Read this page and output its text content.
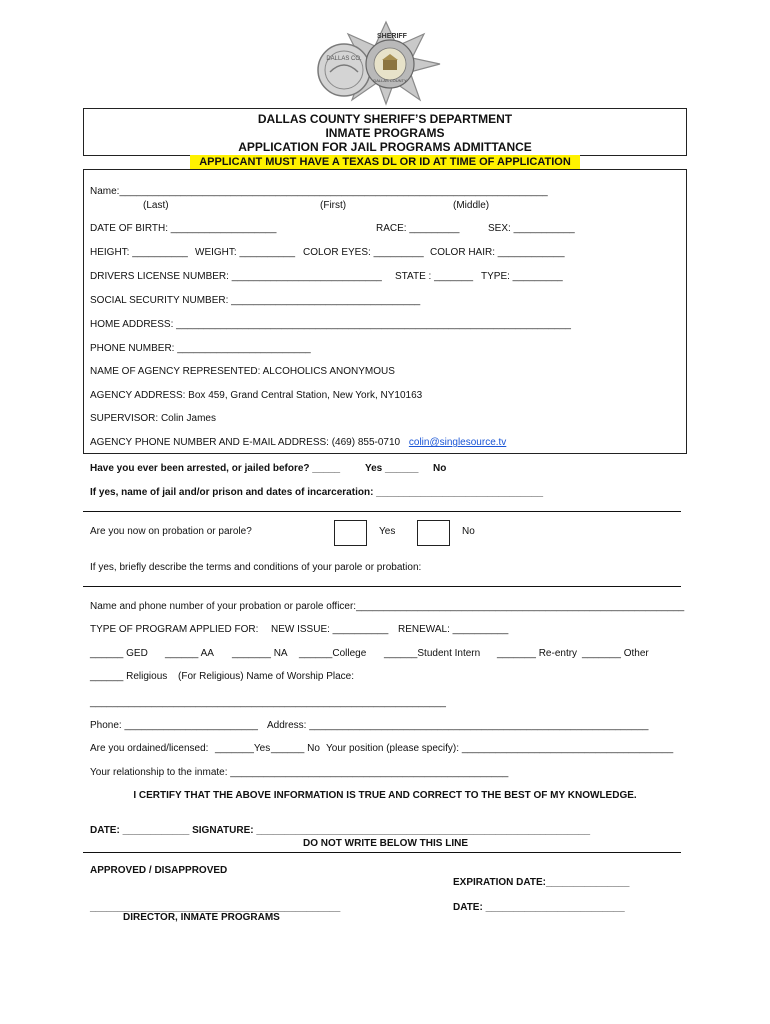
DALLAS CO.
SHERIFF
DALLAS COUNTY
DALLAS COUNTY SHERIFF’S DEPARTMENT
INMATE PROGRAMS
APPLICATION FOR JAIL PROGRAMS ADMITTANCE
APPLICANT MUST HAVE A TEXAS DL OR ID AT TIME OF APPLICATION
Name:_____________________________________________________________________________
(Last)	(First)	(Middle)
DATE OF BIRTH: ___________________	RACE: _________	SEX: ___________
HEIGHT: __________ WEIGHT: __________ COLOR EYES: _________ COLOR HAIR: ____________
DRIVERS LICENSE NUMBER: ___________________________ STATE : _______ TYPE: _________
SOCIAL SECURITY NUMBER: __________________________________
HOME ADDRESS: _______________________________________________________________________
PHONE NUMBER: ________________________
NAME OF AGENCY REPRESENTED: ALCOHOLICS ANONYMOUS
AGENCY ADDRESS: Box 459, Grand Central Station, New York, NY10163
SUPERVISOR: Colin James
AGENCY PHONE NUMBER AND E-MAIL ADDRESS: (469) 855-0710 colin@singlesource.tv
Have you ever been arrested, or jailed before? _____ Yes ______ No
If yes, name of jail and/or prison and dates of incarceration: ______________________________
Are you now on probation or parole?	Yes	No
If yes, briefly describe the terms and conditions of your parole or probation:
Name and phone number of your probation or parole officer:___________________________________________________________
TYPE OF PROGRAM APPLIED FOR: NEW ISSUE: __________ RENEWAL: __________
______ GED ______ AA _______ NA ______College ______Student Intern _______ Re-entry _______ Other
______ Religious (For Religious) Name of Worship Place:
________________________________________________________________
Phone: ________________________ Address: _____________________________________________________________
Are you ordained/licensed: _______Yes ______ No Your position (please specify): ______________________________________
Your relationship to the inmate: __________________________________________________
I CERTIFY THAT THE ABOVE INFORMATION IS TRUE AND CORRECT TO THE BEST OF MY KNOWLEDGE.
DATE: ____________ SIGNATURE: ____________________________________________________________
DO NOT WRITE BELOW THIS LINE
APPROVED / DISAPPROVED
EXPIRATION DATE:_______________
DATE: _________________________
_____________________________________________
DIRECTOR, INMATE PROGRAMS
